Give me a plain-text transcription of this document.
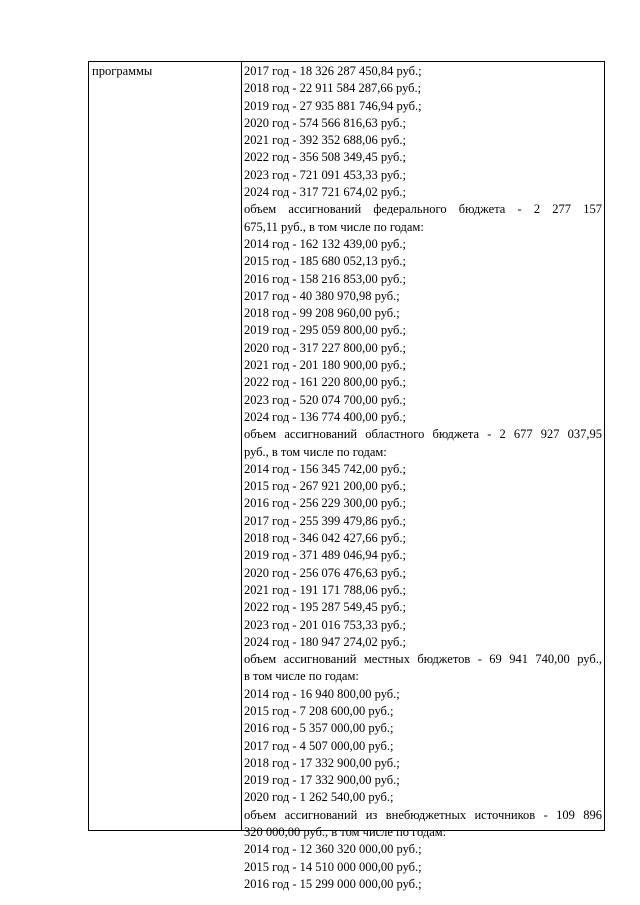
программы	2017 год - 18 326 287 450,84 руб.;
2018 год - 22 911 584 287,66 руб.;
2019 год - 27 935 881 746,94 руб.;
2020 год - 574 566 816,63 руб.;
2021 год - 392 352 688,06 руб.;
2022 год - 356 508 349,45 руб.;
2023 год - 721 091 453,33 руб.;
2024 год - 317 721 674,02 руб.;
объем ассигнований федерального бюджета - 2 277 157
675,11 руб., в том числе по годам:
2014 год - 162 132 439,00 руб.;
2015 год - 185 680 052,13 руб.;
2016 год - 158 216 853,00 руб.;
2017 год - 40 380 970,98 руб.;
2018 год - 99 208 960,00 руб.;
2019 год - 295 059 800,00 руб.;
2020 год - 317 227 800,00 руб.;
2021 год - 201 180 900,00 руб.;
2022 год - 161 220 800,00 руб.;
2023 год - 520 074 700,00 руб.;
2024 год - 136 774 400,00 руб.;
объем ассигнований областного бюджета - 2 677 927 037,95
руб., в том числе по годам:
2014 год - 156 345 742,00 руб.;
2015 год - 267 921 200,00 руб.;
2016 год - 256 229 300,00 руб.;
2017 год - 255 399 479,86 руб.;
2018 год - 346 042 427,66 руб.;
2019 год - 371 489 046,94 руб.;
2020 год - 256 076 476,63 руб.;
2021 год - 191 171 788,06 руб.;
2022 год - 195 287 549,45 руб.;
2023 год - 201 016 753,33 руб.;
2024 год - 180 947 274,02 руб.;
объем ассигнований местных бюджетов - 69 941 740,00 руб.,
в том числе по годам:
2014 год - 16 940 800,00 руб.;
2015 год - 7 208 600,00 руб.;
2016 год - 5 357 000,00 руб.;
2017 год - 4 507 000,00 руб.;
2018 год - 17 332 900,00 руб.;
2019 год - 17 332 900,00 руб.;
2020 год - 1 262 540,00 руб.;
объем ассигнований из внебюджетных источников - 109 896
320 000,00 руб., в том числе по годам:
2014 год - 12 360 320 000,00 руб.;
2015 год - 14 510 000 000,00 руб.;
2016 год - 15 299 000 000,00 руб.;
